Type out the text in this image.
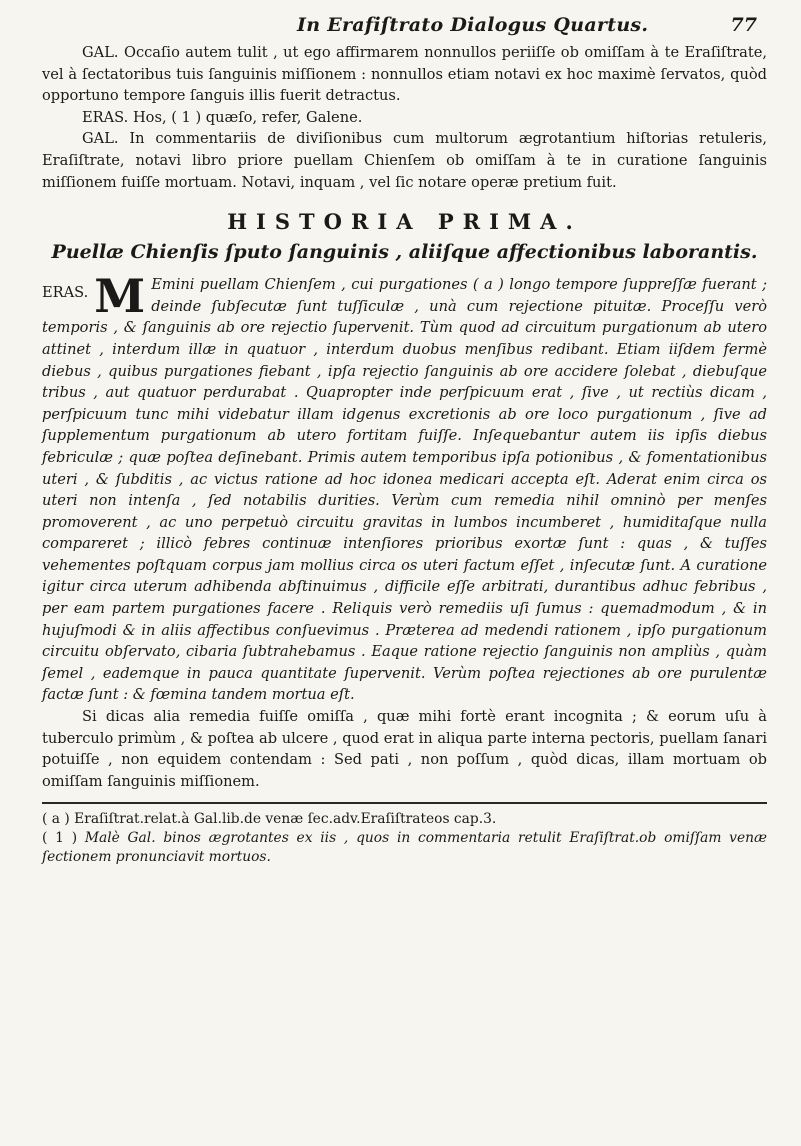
In Erafiſtrato Dialogus Quartus.	77

GAL. Occaſio autem tulit , ut ego affirmarem nonnullos periiſſe ob omiſſam à te Eraſiſtrate, vel à ſectatoribus tuis ſanguinis miſſionem : nonnullos etiam notavi ex hoc maximè ſervatos, quòd opportuno tempore ſanguis illis fuerit detractus.

ERAS. Hos, ( 1 ) quæſo, refer, Galene.

GAL. In commentariis de diviſionibus cum multorum ægrotantium hiſtorias retuleris, Eraſiſtrate, notavi libro priore puellam Chienſem ob omiſſam à te in curatione ſanguinis miſſionem fuiſſe mortuam. Notavi, inquam , vel ſic notare operæ pretium fuit.

HISTORIA PRIMA.
Puellæ Chienſis ſputo ſanguinis , aliiſque affectionibus laborantis.

ERAS. M Emini puellam Chienſem , cui purgationes ( a ) longo tempore ſuppreſſæ fuerant ; deinde ſubſecutæ ſunt tuſſiculæ , unà cum rejectione pituitæ. Proceſſu verò temporis , & ſanguinis ab ore rejectio ſupervenit. Tùm quod ad circuitum purgationum ab utero attinet , interdum illæ in quatuor , interdum duobus menſibus redibant. Etiam iiſdem fermè diebus , quibus purgationes fiebant , ipſa rejectio ſanguinis ab ore accidere ſolebat , diebuſque tribus , aut quatuor perdurabat . Quapropter inde perſpicuum erat , ſive , ut rectiùs dicam , perſpicuum tunc mihi videbatur illam idgenus excretionis ab ore loco purgationum , ſive ad ſupplementum purgationum ab utero fortitam fuiſſe. Inſequebantur autem iis ipſis diebus febriculæ ; quæ poſtea deſinebant. Primis autem temporibus ipſa potionibus , & fomentationibus uteri , & ſubditis , ac victus ratione ad hoc idonea medicari accepta eſt. Aderat enim circa os uteri non intenſa , ſed notabilis durities. Verùm cum remedia nihil omninò per menſes promoverent , ac uno perpetuò circuitu gravitas in lumbos incumberet , humiditaſque nulla compareret ; illicò febres continuæ intenſiores prioribus exortæ ſunt : quas , & tuſſes vehementes poſtquam corpus jam mollius circa os uteri factum eſſet , inſecutæ ſunt. A curatione igitur circa uterum adhibenda abſtinuimus , difficile eſſe arbitrati, durantibus adhuc febribus , per eam partem purgationes facere . Reliquis verò remediis uſi ſumus : quemadmodum , & in hujuſmodi & in aliis affectibus conſuevimus . Præterea ad medendi rationem , ipſo purgationum circuitu obſervato, cibaria ſubtrahebamus . Eaque ratione rejectio ſanguinis non ampliùs , quàm ſemel , eademque in pauca quantitate ſupervenit. Verùm poſtea rejectiones ab ore purulentæ factæ ſunt : & fœmina tandem mortua eſt.

Si dicas alia remedia fuiſſe omiſſa , quæ mihi fortè erant incognita ; & eorum uſu à tuberculo primùm , & poſtea ab ulcere , quod erat in aliqua parte interna pectoris, puellam ſanari potuiſſe , non equidem contendam : Sed pati , non poſſum , quòd dicas, illam mortuam ob omiſſam ſanguinis miſſionem.

( a ) Eraſiſtrat.relat.à Gal.lib.de venæ ſec.adv.Eraſiſtrateos cap.3.

( 1 ) Malè Gal. binos ægrotantes ex iis , quos in commentaria retulit Eraſiſtrat.ob omiſſam venæ ſectionem pronunciavit mortuos.
